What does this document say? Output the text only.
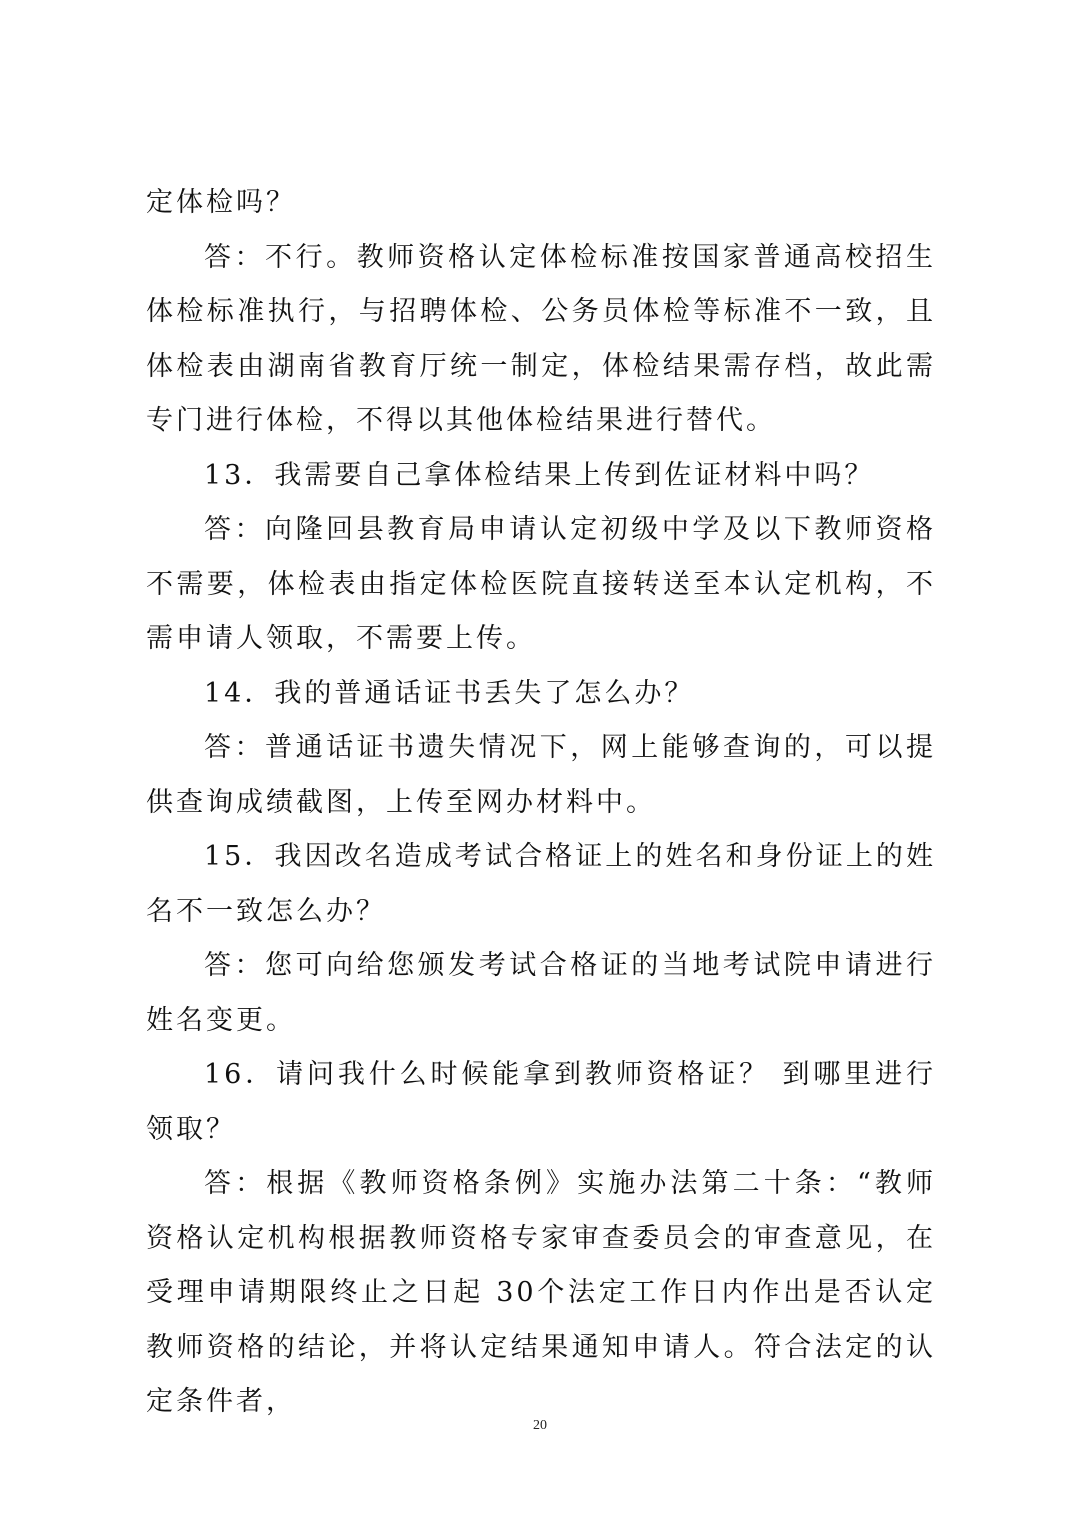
定体检吗？

答：不行。教师资格认定体检标准按国家普通高校招生体检标准执行，与招聘体检、公务员体检等标准不一致，且体检表由湖南省教育厅统一制定，体检结果需存档，故此需专门进行体检，不得以其他体检结果进行替代。

13．我需要自己拿体检结果上传到佐证材料中吗？

答：向隆回县教育局申请认定初级中学及以下教师资格不需要，体检表由指定体检医院直接转送至本认定机构，不需申请人领取，不需要上传。

14．我的普通话证书丢失了怎么办？

答：普通话证书遗失情况下，网上能够查询的，可以提供查询成绩截图，上传至网办材料中。

15．我因改名造成考试合格证上的姓名和身份证上的姓名不一致怎么办？

答：您可向给您颁发考试合格证的当地考试院申请进行姓名变更。

16．请问我什么时候能拿到教师资格证？ 到哪里进行领取？

答：根据《教师资格条例》实施办法第二十条：“教师资格认定机构根据教师资格专家审查委员会的审查意见，在受理申请期限终止之日起 30个法定工作日内作出是否认定教师资格的结论，并将认定结果通知申请人。符合法定的认定条件者，

20
